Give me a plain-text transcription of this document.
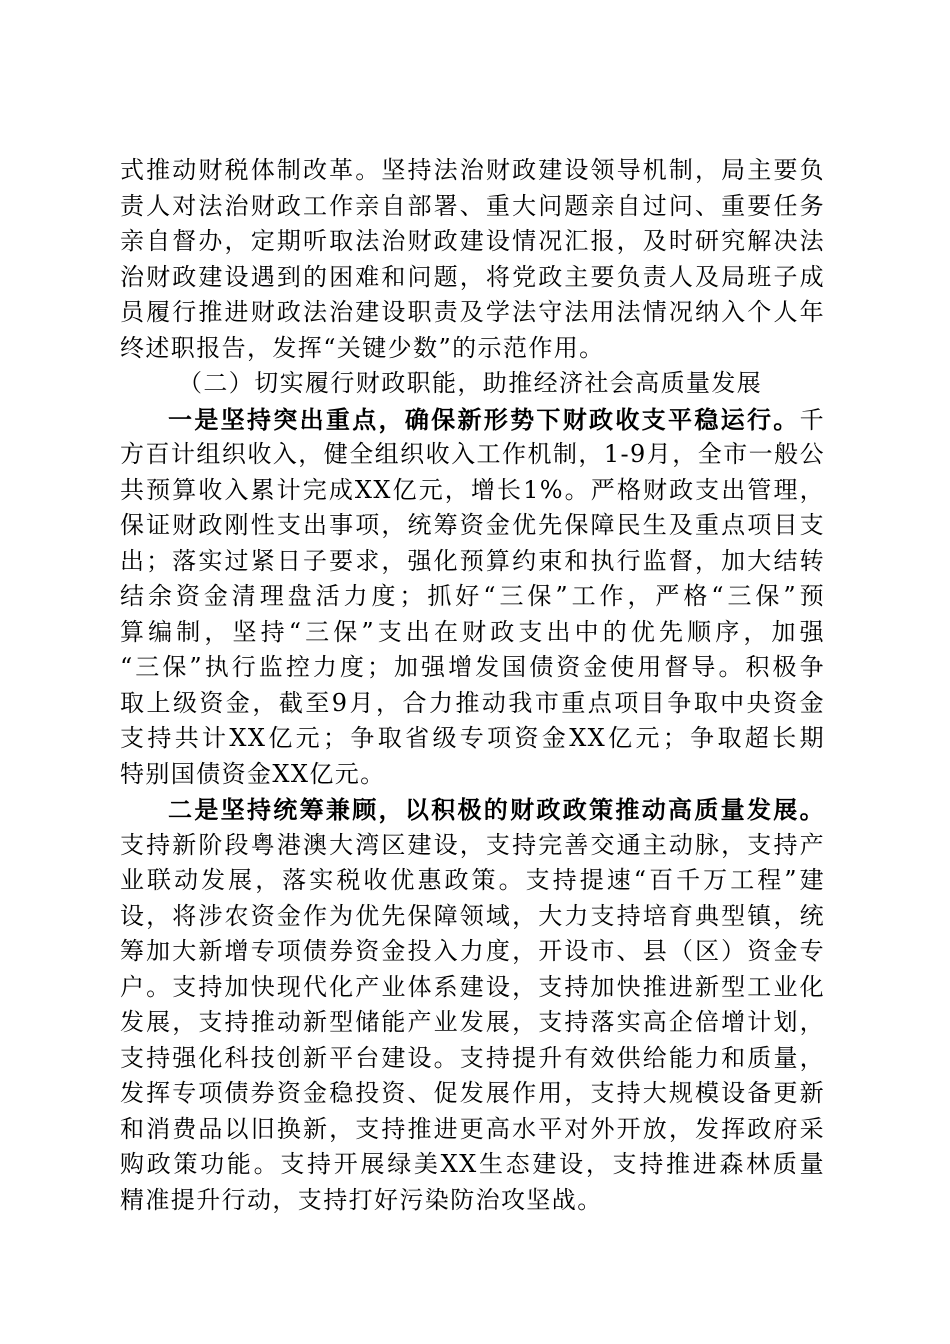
式推动财税体制改革。坚持法治财政建设领导机制，局主要负
责人对法治财政工作亲自部署、重大问题亲自过问、重要任务
亲自督办，定期听取法治财政建设情况汇报，及时研究解决法
治财政建设遇到的困难和问题，将党政主要负责人及局班子成
员履行推进财政法治建设职责及学法守法用法情况纳入个人年
终述职报告，发挥“关键少数”的示范作用。
（二）切实履行财政职能，助推经济社会高质量发展
一是坚持突出重点，确保新形势下财政收支平稳运行。千
方百计组织收入，健全组织收入工作机制，1-9月，全市一般公
共预算收入累计完成XX亿元，增长1%。严格财政支出管理，
保证财政刚性支出事项，统筹资金优先保障民生及重点项目支
出；落实过紧日子要求，强化预算约束和执行监督，加大结转
结余资金清理盘活力度；抓好“三保”工作，严格“三保”预
算编制，坚持“三保”支出在财政支出中的优先顺序，加强
“三保”执行监控力度；加强增发国债资金使用督导。积极争
取上级资金，截至9月，合力推动我市重点项目争取中央资金
支持共计XX亿元；争取省级专项资金XX亿元；争取超长期
特别国债资金XX亿元。
二是坚持统筹兼顾，以积极的财政政策推动高质量发展。
支持新阶段粤港澳大湾区建设，支持完善交通主动脉，支持产
业联动发展，落实税收优惠政策。支持提速“百千万工程”建
设，将涉农资金作为优先保障领域，大力支持培育典型镇，统
筹加大新增专项债券资金投入力度，开设市、县（区）资金专
户。支持加快现代化产业体系建设，支持加快推进新型工业化
发展，支持推动新型储能产业发展，支持落实高企倍增计划，
支持强化科技创新平台建设。支持提升有效供给能力和质量，
发挥专项债券资金稳投资、促发展作用，支持大规模设备更新
和消费品以旧换新，支持推进更高水平对外开放，发挥政府采
购政策功能。支持开展绿美XX生态建设，支持推进森林质量
精准提升行动，支持打好污染防治攻坚战。
